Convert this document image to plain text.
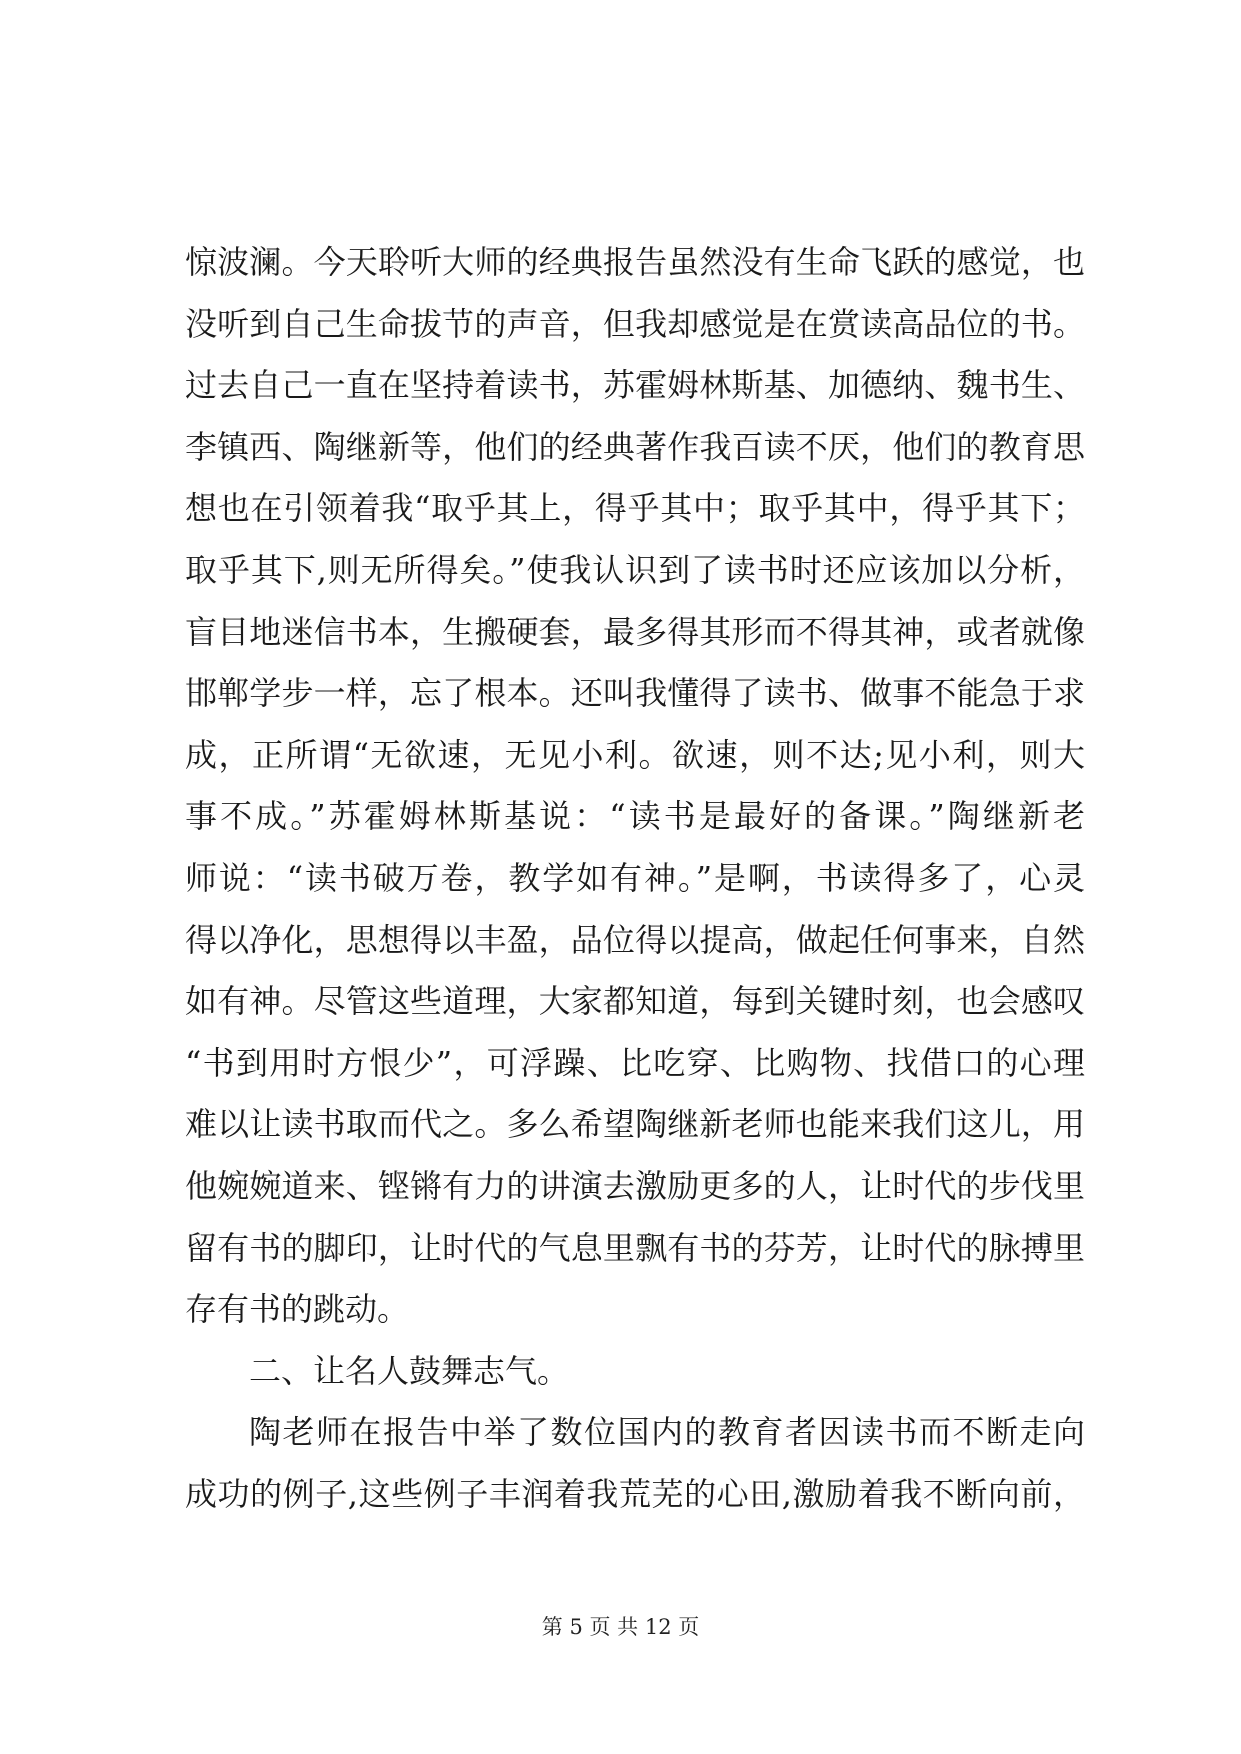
惊波澜。今天聆听大师的经典报告虽然没有生命飞跃的感觉，也
没听到自己生命拔节的声音，但我却感觉是在赏读高品位的书。
过去自己一直在坚持着读书，苏霍姆林斯基、加德纳、魏书生、
李镇西、陶继新等，他们的经典著作我百读不厌，他们的教育思
想也在引领着我“取乎其上，得乎其中；取乎其中，得乎其下；
取乎其下,则无所得矣。”使我认识到了读书时还应该加以分析，
盲目地迷信书本，生搬硬套，最多得其形而不得其神，或者就像
邯郸学步一样，忘了根本。还叫我懂得了读书、做事不能急于求
成，正所谓“无欲速，无见小利。欲速，则不达;见小利，则大
事不成。”苏霍姆林斯基说：“读书是最好的备课。”陶继新老
师说：“读书破万卷，教学如有神。”是啊，书读得多了，心灵
得以净化，思想得以丰盈，品位得以提高，做起任何事来，自然
如有神。尽管这些道理，大家都知道，每到关键时刻，也会感叹
“书到用时方恨少”，可浮躁、比吃穿、比购物、找借口的心理
难以让读书取而代之。多么希望陶继新老师也能来我们这儿，用
他婉婉道来、铿锵有力的讲演去激励更多的人，让时代的步伐里
留有书的脚印，让时代的气息里飘有书的芬芳，让时代的脉搏里
存有书的跳动。
二、让名人鼓舞志气。
陶老师在报告中举了数位国内的教育者因读书而不断走向
成功的例子,这些例子丰润着我荒芜的心田,激励着我不断向前，
第 5 页 共 12 页
